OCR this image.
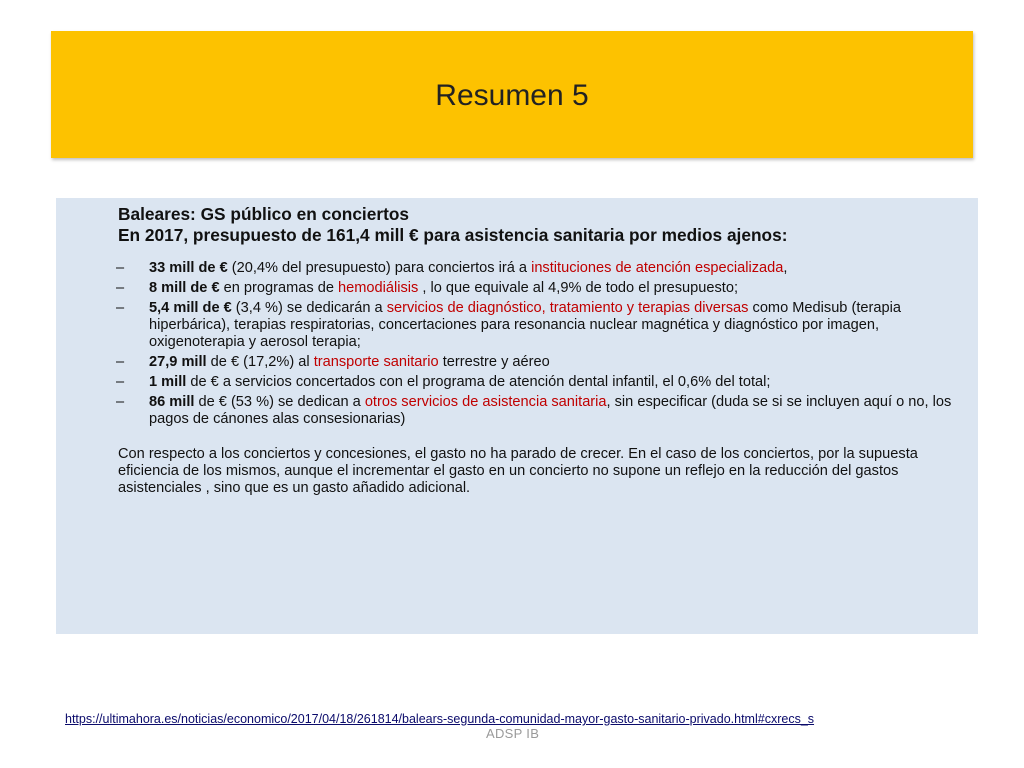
Resumen 5
Baleares: GS público en conciertos
En 2017, presupuesto de 161,4 mill € para asistencia sanitaria por medios ajenos:
–	33 mill de € (20,4% del presupuesto) para conciertos irá a instituciones de atención especializada,
–	8 mill de € en programas de hemodiálisis , lo que equivale al 4,9% de todo el presupuesto;
–	5,4 mill de € (3,4 %) se dedicarán a servicios de diagnóstico, tratamiento y terapias diversas como Medisub (terapia hiperbárica), terapias respiratorias, concertaciones para resonancia nuclear magnética y diagnóstico por imagen, oxigenoterapia y aerosol terapia;
–	27,9 mill de € (17,2%) al transporte sanitario terrestre y aéreo
–	1 mill de € a servicios concertados con el programa de atención dental infantil, el 0,6% del total;
–	86 mill de € (53 %) se dedican a otros servicios de asistencia sanitaria, sin especificar (duda se si se incluyen aquí o no, los pagos de cánones alas consesionarias)
Con respecto a los conciertos y concesiones, el gasto no ha parado de crecer. En el caso de los conciertos, por la supuesta eficiencia de los mismos, aunque el incrementar el gasto en un concierto no supone un reflejo en la reducción del gastos asistenciales , sino que es un gasto añadido adicional.
https://ultimahora.es/noticias/economico/2017/04/18/261814/balears-segunda-comunidad-mayor-gasto-sanitario-privado.html#cxrecs_s
ADSP IB
